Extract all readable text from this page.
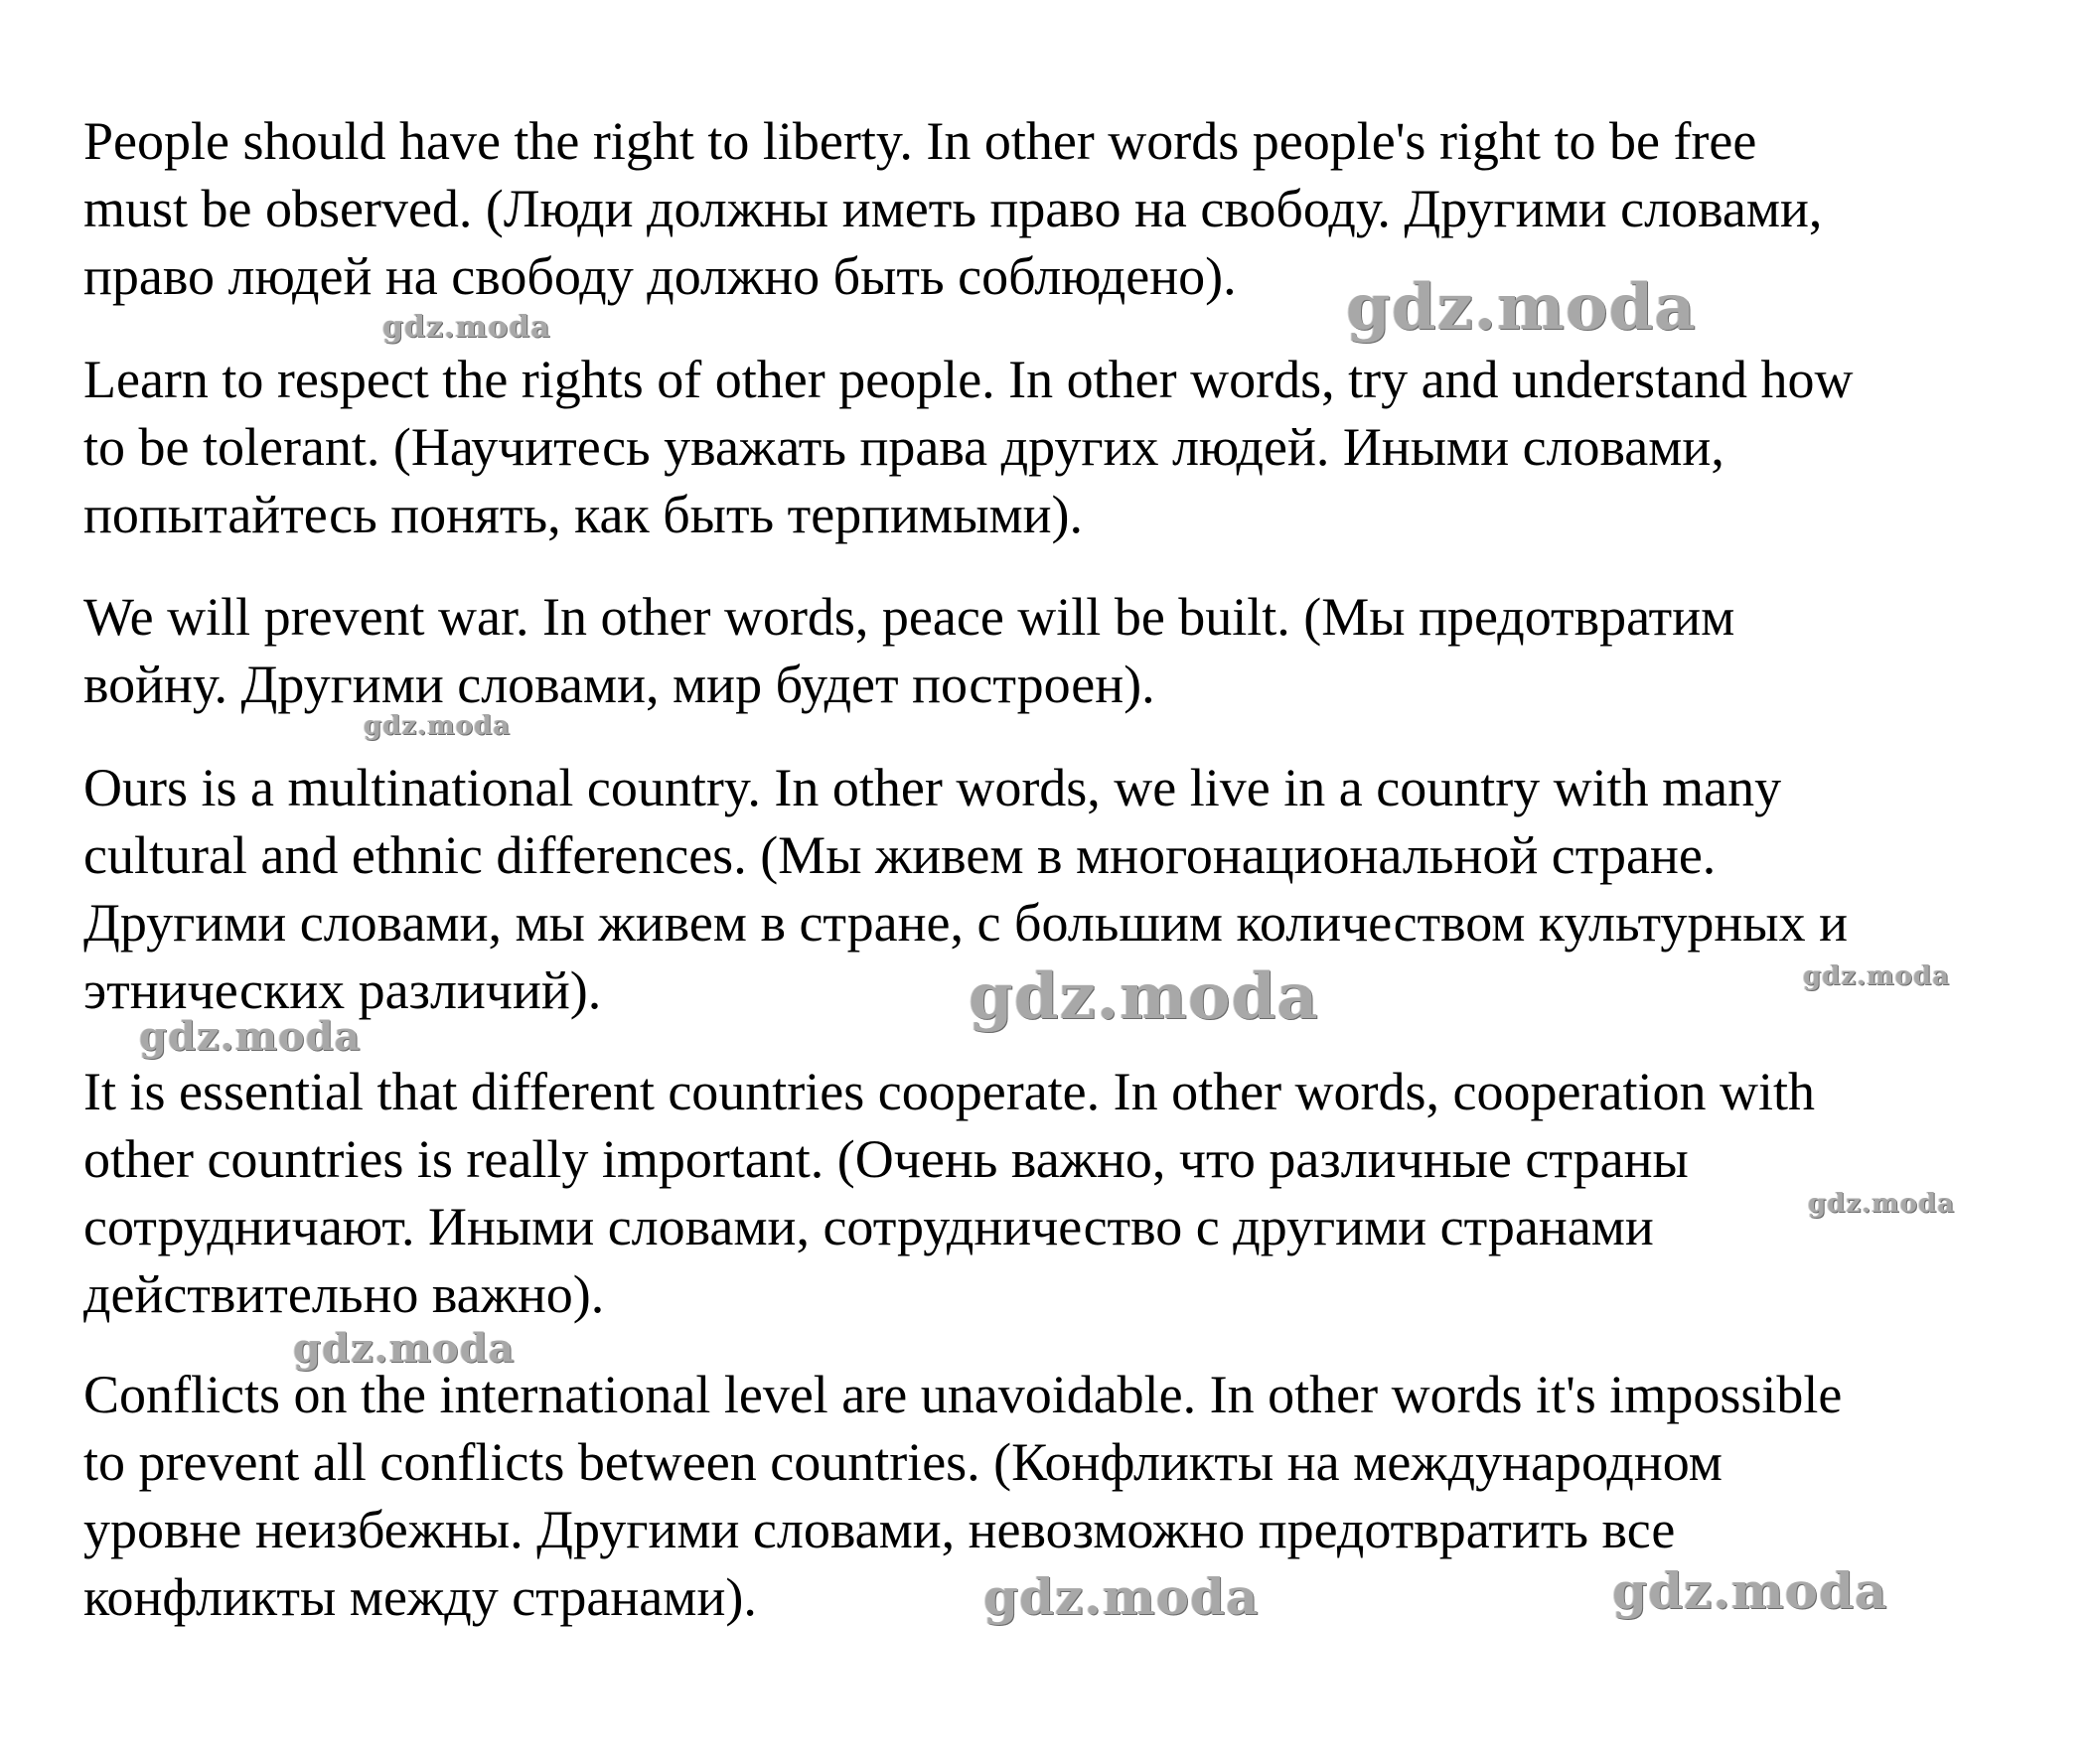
People should have the right to liberty. In other words people's right to be free
must be observed. (Люди должны иметь право на свободу. Другими словами,
право людей на свободу должно быть соблюдено).

Learn to respect the rights of other people. In other words, try and understand how
to be tolerant. (Научитесь уважать права других людей. Иными словами,
попытайтесь понять, как быть терпимыми).

We will prevent war. In other words, peace will be built. (Мы предотвратим
войну. Другими словами, мир будет построен).

Ours is a multinational country. In other words, we live in a country with many
cultural and ethnic differences. (Мы живем в многонациональной стране.
Другими словами, мы живем в стране, с большим количеством культурных и
этнических различий).

It is essential that different countries cooperate. In other words, cooperation with
other countries is really important. (Очень важно, что различные страны
сотрудничают. Иными словами, сотрудничество с другими странами
действительно важно).

Conflicts on the international level are unavoidable. In other words it's impossible
to prevent all conflicts between countries. (Конфликты на международном
уровне неизбежны. Другими словами, невозможно предотвратить все
конфликты между странами).

gdz.moda
gdz.moda
gdz.moda
gdz.moda	gdz.moda
gdz.moda
gdz.moda
gdz.moda
gdz.moda	gdz.moda
